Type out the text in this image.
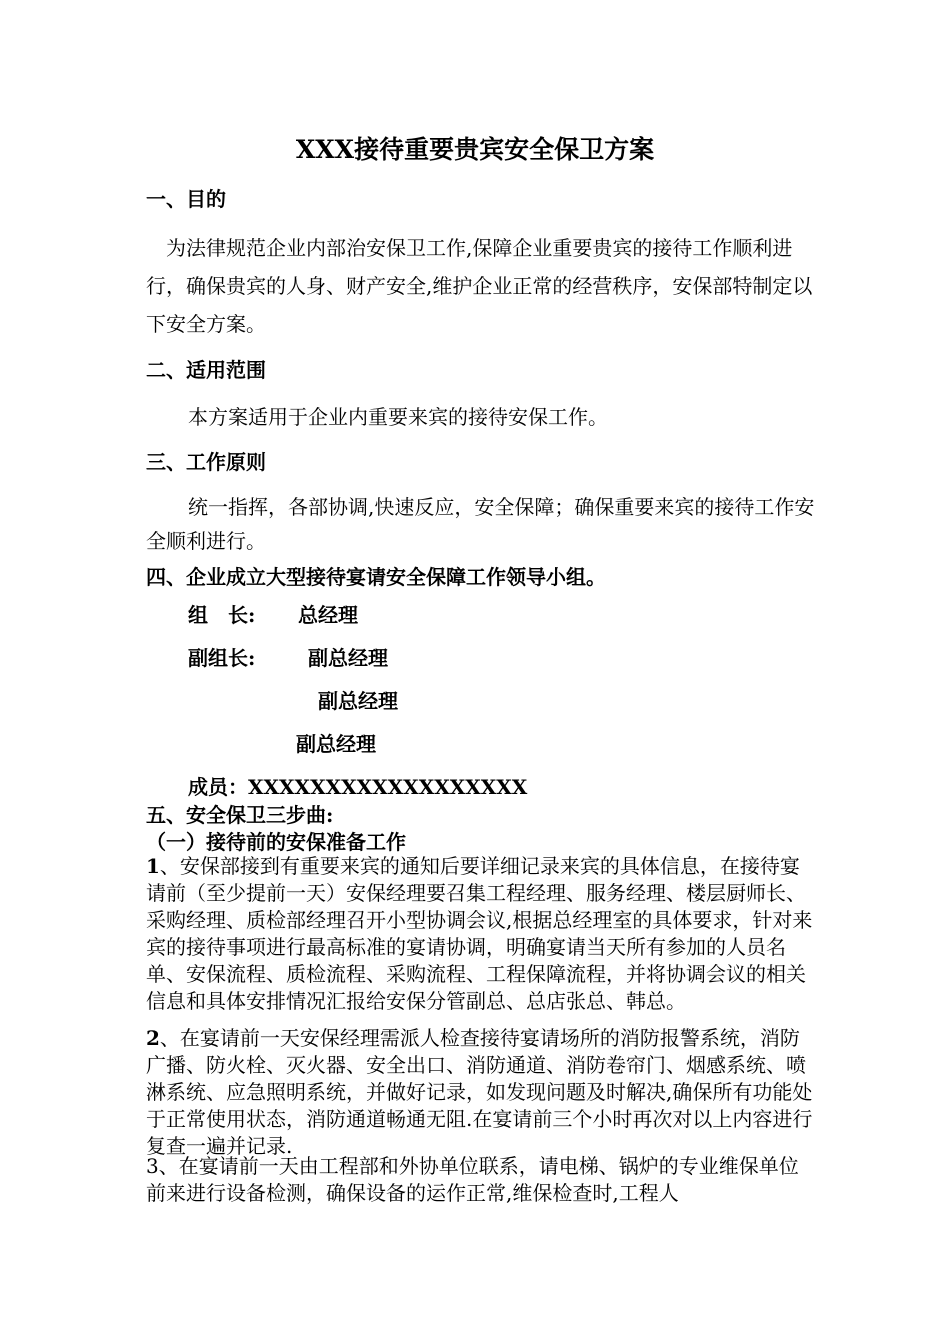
XXX接待重要贵宾安全保卫方案
一、目的
为法律规范企业内部治安保卫工作,保障企业重要贵宾的接待工作顺利进行，确保贵宾的人身、财产安全,维护企业正常的经营秩序，安保部特制定以下安全方案。
二、适用范围
本方案适用于企业内重要来宾的接待安保工作。
三、工作原则
统一指挥，各部协调,快速反应，安全保障；确保重要来宾的接待工作安全顺利进行。
四、企业成立大型接待宴请安全保障工作领导小组。
组　长: 总经理
副组长:	副总经理
副总经理
副总经理
成员：XXXXXXXXXXXXXXXXXX
五、安全保卫三步曲:
（一）接待前的安保准备工作
1、安保部接到有重要来宾的通知后要详细记录来宾的具体信息，在接待宴请前（至少提前一天）安保经理要召集工程经理、服务经理、楼层厨师长、采购经理、质检部经理召开小型协调会议,根据总经理室的具体要求，针对来宾的接待事项进行最高标准的宴请协调，明确宴请当天所有参加的人员名单、安保流程、质检流程、采购流程、工程保障流程，并将协调会议的相关信息和具体安排情况汇报给安保分管副总、总店张总、韩总。
2、在宴请前一天安保经理需派人检查接待宴请场所的消防报警系统，消防广播、防火栓、灭火器、安全出口、消防通道、消防卷帘门、烟感系统、喷淋系统、应急照明系统，并做好记录，如发现问题及时解决,确保所有功能处于正常使用状态，消防通道畅通无阻.在宴请前三个小时再次对以上内容进行复查一遍并记录.
3、在宴请前一天由工程部和外协单位联系，请电梯、锅炉的专业维保单位前来进行设备检测，确保设备的运作正常,维保检查时,工程人
